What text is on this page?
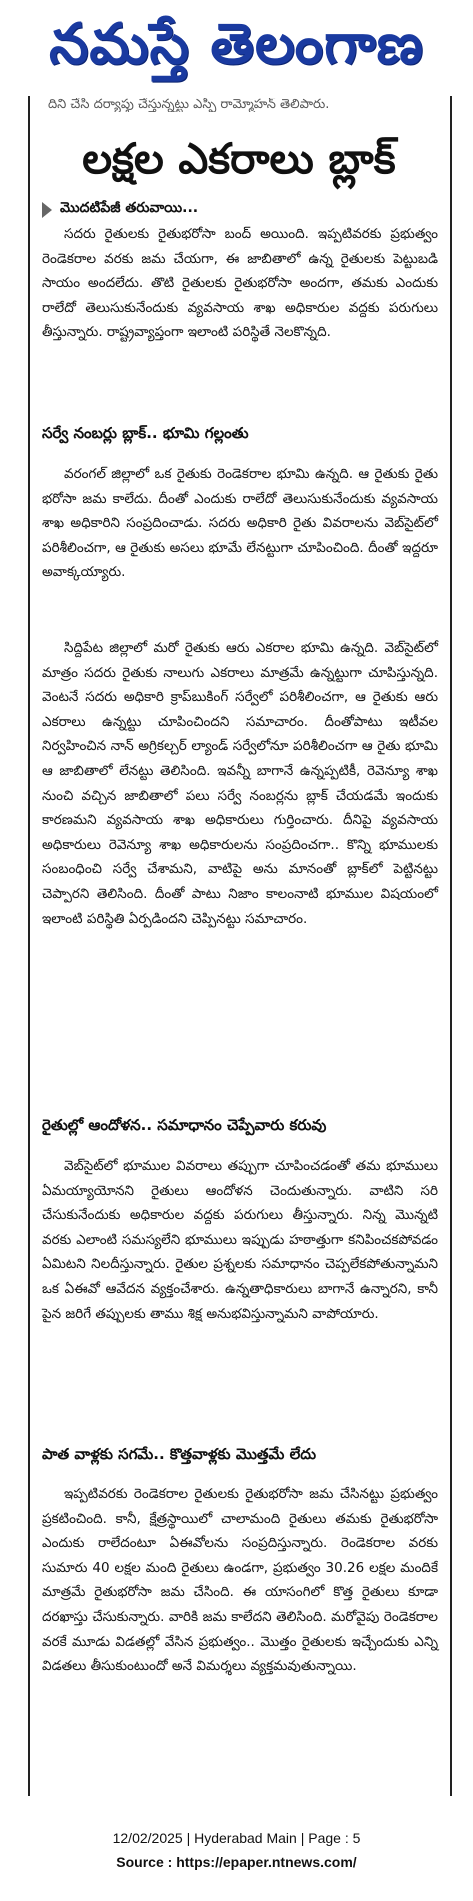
నమస్తే తెలంగాణ
దిని చేసి దర్యాప్తు చేస్తున్నట్టు ఎస్పీ రామ్మోహన్ తెలిపారు.
లక్షల ఎకరాలు బ్లాక్
మొదటిపేజీ తరువాయి...

సదరు రైతులకు రైతుభరోసా బంద్ అయింది. ఇప్పటివరకు ప్రభుత్వం రెండెకరాల వరకు జమ చేయగా, ఈ జాబితాలో ఉన్న రైతులకు పెట్టుబడి సాయం అందలేదు. తొటి రైతులకు రైతుభరోసా అందగా, తమకు ఎందుకు రాలేదో తెలుసుకునేందుకు వ్యవసాయ శాఖ అధికారుల వద్దకు పరుగులు తీస్తున్నారు. రాష్ట్రవ్యాప్తంగా ఇలాంటి పరిస్థితే నెలకొన్నది.

సర్వే నంబర్లు బ్లాక్.. భూమి గల్లంతు

వరంగల్ జిల్లాలో ఒక రైతుకు రెండెకరాల భూమి ఉన్నది. ఆ రైతుకు రైతు భరోసా జమ కాలేదు. దీంతో ఎందుకు రాలేదో తెలుసుకునేందుకు వ్యవసాయ శాఖ అధికారిని సంప్రదించాడు. సదరు అధికారి రైతు వివరాలను వెబ్‌సైట్‌లో పరిశీలించగా, ఆ రైతుకు అసలు భూమే లేనట్టుగా చూపించింది. దీంతో ఇద్దరూ అవాక్కయ్యారు.

సిద్దిపేట జిల్లాలో మరో రైతుకు ఆరు ఎకరాల భూమి ఉన్నది. వెబ్‌సైట్‌లో మాత్రం సదరు రైతుకు నాలుగు ఎకరాలు మాత్రమే ఉన్నట్టుగా చూపిస్తున్నది. వెంటనే సదరు అధికారి క్రాప్‌బుకింగ్ సర్వేలో పరిశీలించగా, ఆ రైతుకు ఆరు ఎకరాలు ఉన్నట్టు చూపించిందని సమాచారం. దీంతోపాటు ఇటీవల నిర్వహించిన నాన్ అగ్రికల్చర్ ల్యాండ్ సర్వేలోనూ పరిశీలించగా ఆ రైతు భూమి ఆ జాబితాలో లేనట్టు తెలిసింది. ఇవన్నీ బాగానే ఉన్నప్పటికీ, రెవెన్యూ శాఖ నుంచి వచ్చిన జాబితాలో పలు సర్వే నంబర్లను బ్లాక్ చేయడమే ఇందుకు కారణమని వ్యవసాయ శాఖ అధికారులు గుర్తించారు. దీనిపై వ్యవసాయ అధికారులు రెవెన్యూ శాఖ అధికారులను సంప్రదించగా.. కొన్ని భూములకు సంబంధించి సర్వే చేశామని, వాటిపై అను మానంతో బ్లాక్‌లో పెట్టినట్టు చెప్పారని తెలిసింది. దీంతో పాటు నిజాం కాలంనాటి భూముల విషయంలో ఇలాంటి పరిస్థితి ఏర్పడిందని చెప్పినట్టు సమాచారం.

రైతుల్లో ఆందోళన.. సమాధానం చెప్పేవారు కరువు

వెబ్‌సైట్‌లో భూముల వివరాలు తప్పుగా చూపించడంతో తమ భూములు ఏమయ్యాయోనని రైతులు ఆందోళన చెందుతున్నారు. వాటిని సరి చేసుకునేందుకు అధికారుల వద్దకు పరుగులు తీస్తున్నారు. నిన్న మొన్నటి వరకు ఎలాంటి సమస్యలేని భూములు ఇప్పుడు హఠాత్తుగా కనిపించకపోవడం ఏమిటని నిలదీస్తున్నారు. రైతుల ప్రశ్నలకు సమాధానం చెప్పలేకపోతున్నామని ఒక ఏఈవో ఆవేదన వ్యక్తంచేశారు. ఉన్నతాధికారులు బాగానే ఉన్నారని, కానీ పైన జరిగే తప్పులకు తాము శిక్ష అనుభవిస్తున్నామని వాపోయారు.

పాత వాళ్లకు సగమే.. కొత్తవాళ్లకు మొత్తమే లేదు

ఇప్పటివరకు రెండెకరాల రైతులకు రైతుభరోసా జమ చేసినట్టు ప్రభుత్వం ప్రకటించింది. కానీ, క్షేత్రస్థాయిలో చాలామంది రైతులు తమకు రైతుభరోసా ఎందుకు రాలేదంటూ ఏఈవోలను సంప్రదిస్తున్నారు. రెండెకరాల వరకు సుమారు 40 లక్షల మంది రైతులు ఉండగా, ప్రభుత్వం 30.26 లక్షల మందికే మాత్రమే రైతుభరోసా జమ చేసింది. ఈ యాసంగిలో కొత్త రైతులు కూడా దరఖాస్తు చేసుకున్నారు. వారికి జమ కాలేదని తెలిసింది. మరోవైపు రెండెకరాల వరకే మూడు విడతల్లో వేసిన ప్రభుత్వం.. మొత్తం రైతులకు ఇచ్చేందుకు ఎన్ని విడతలు తీసుకుంటుందో అనే విమర్శలు వ్యక్తమవుతున్నాయి.

12/02/2025 | Hyderabad Main | Page : 5
Source : https://epaper.ntnews.com/
